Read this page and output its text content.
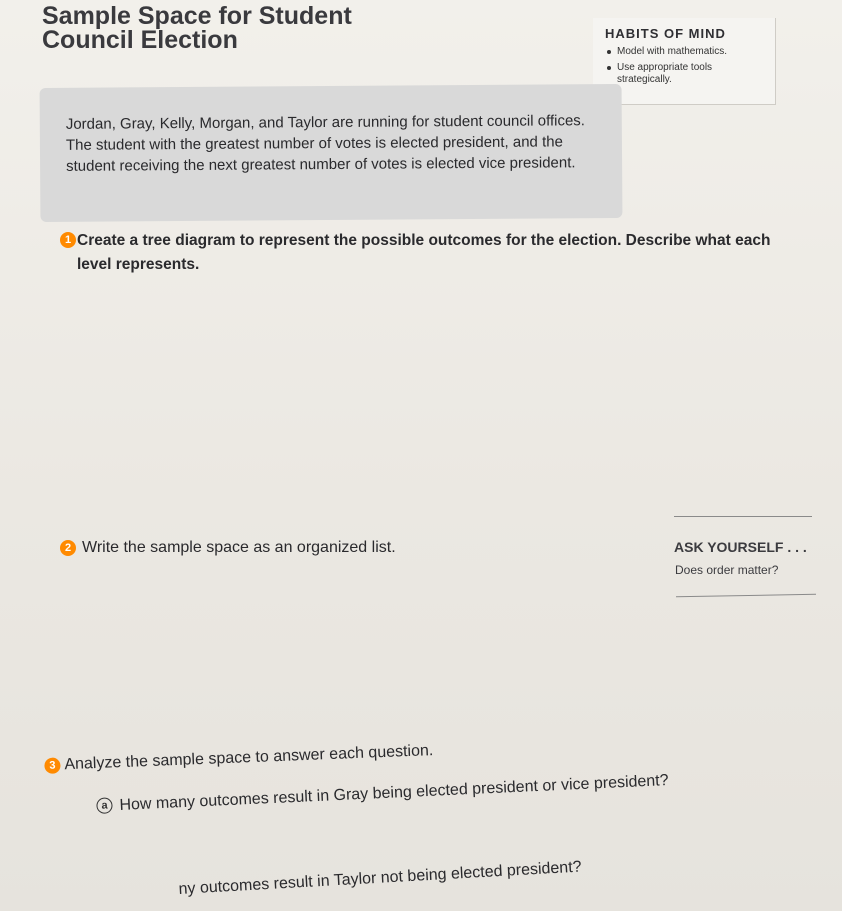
Sample Space for Student
Council Election	HABITS OF MIND
Model with mathematics.
Use appropriate tools strategically.

Jordan, Gray, Kelly, Morgan, and Taylor are running for student council offices. The student with the greatest number of votes is elected president, and the student receiving the next greatest number of votes is elected vice president.

1 Create a tree diagram to represent the possible outcomes for the election. Describe what each level represents.
ASK YOURSELF . . .
Does order matter?
2 Write the sample space as an organized list.
3 Analyze the sample space to answer each question.
a How many outcomes result in Gray being elected president or vice president?
ny outcomes result in Taylor not being elected president?
